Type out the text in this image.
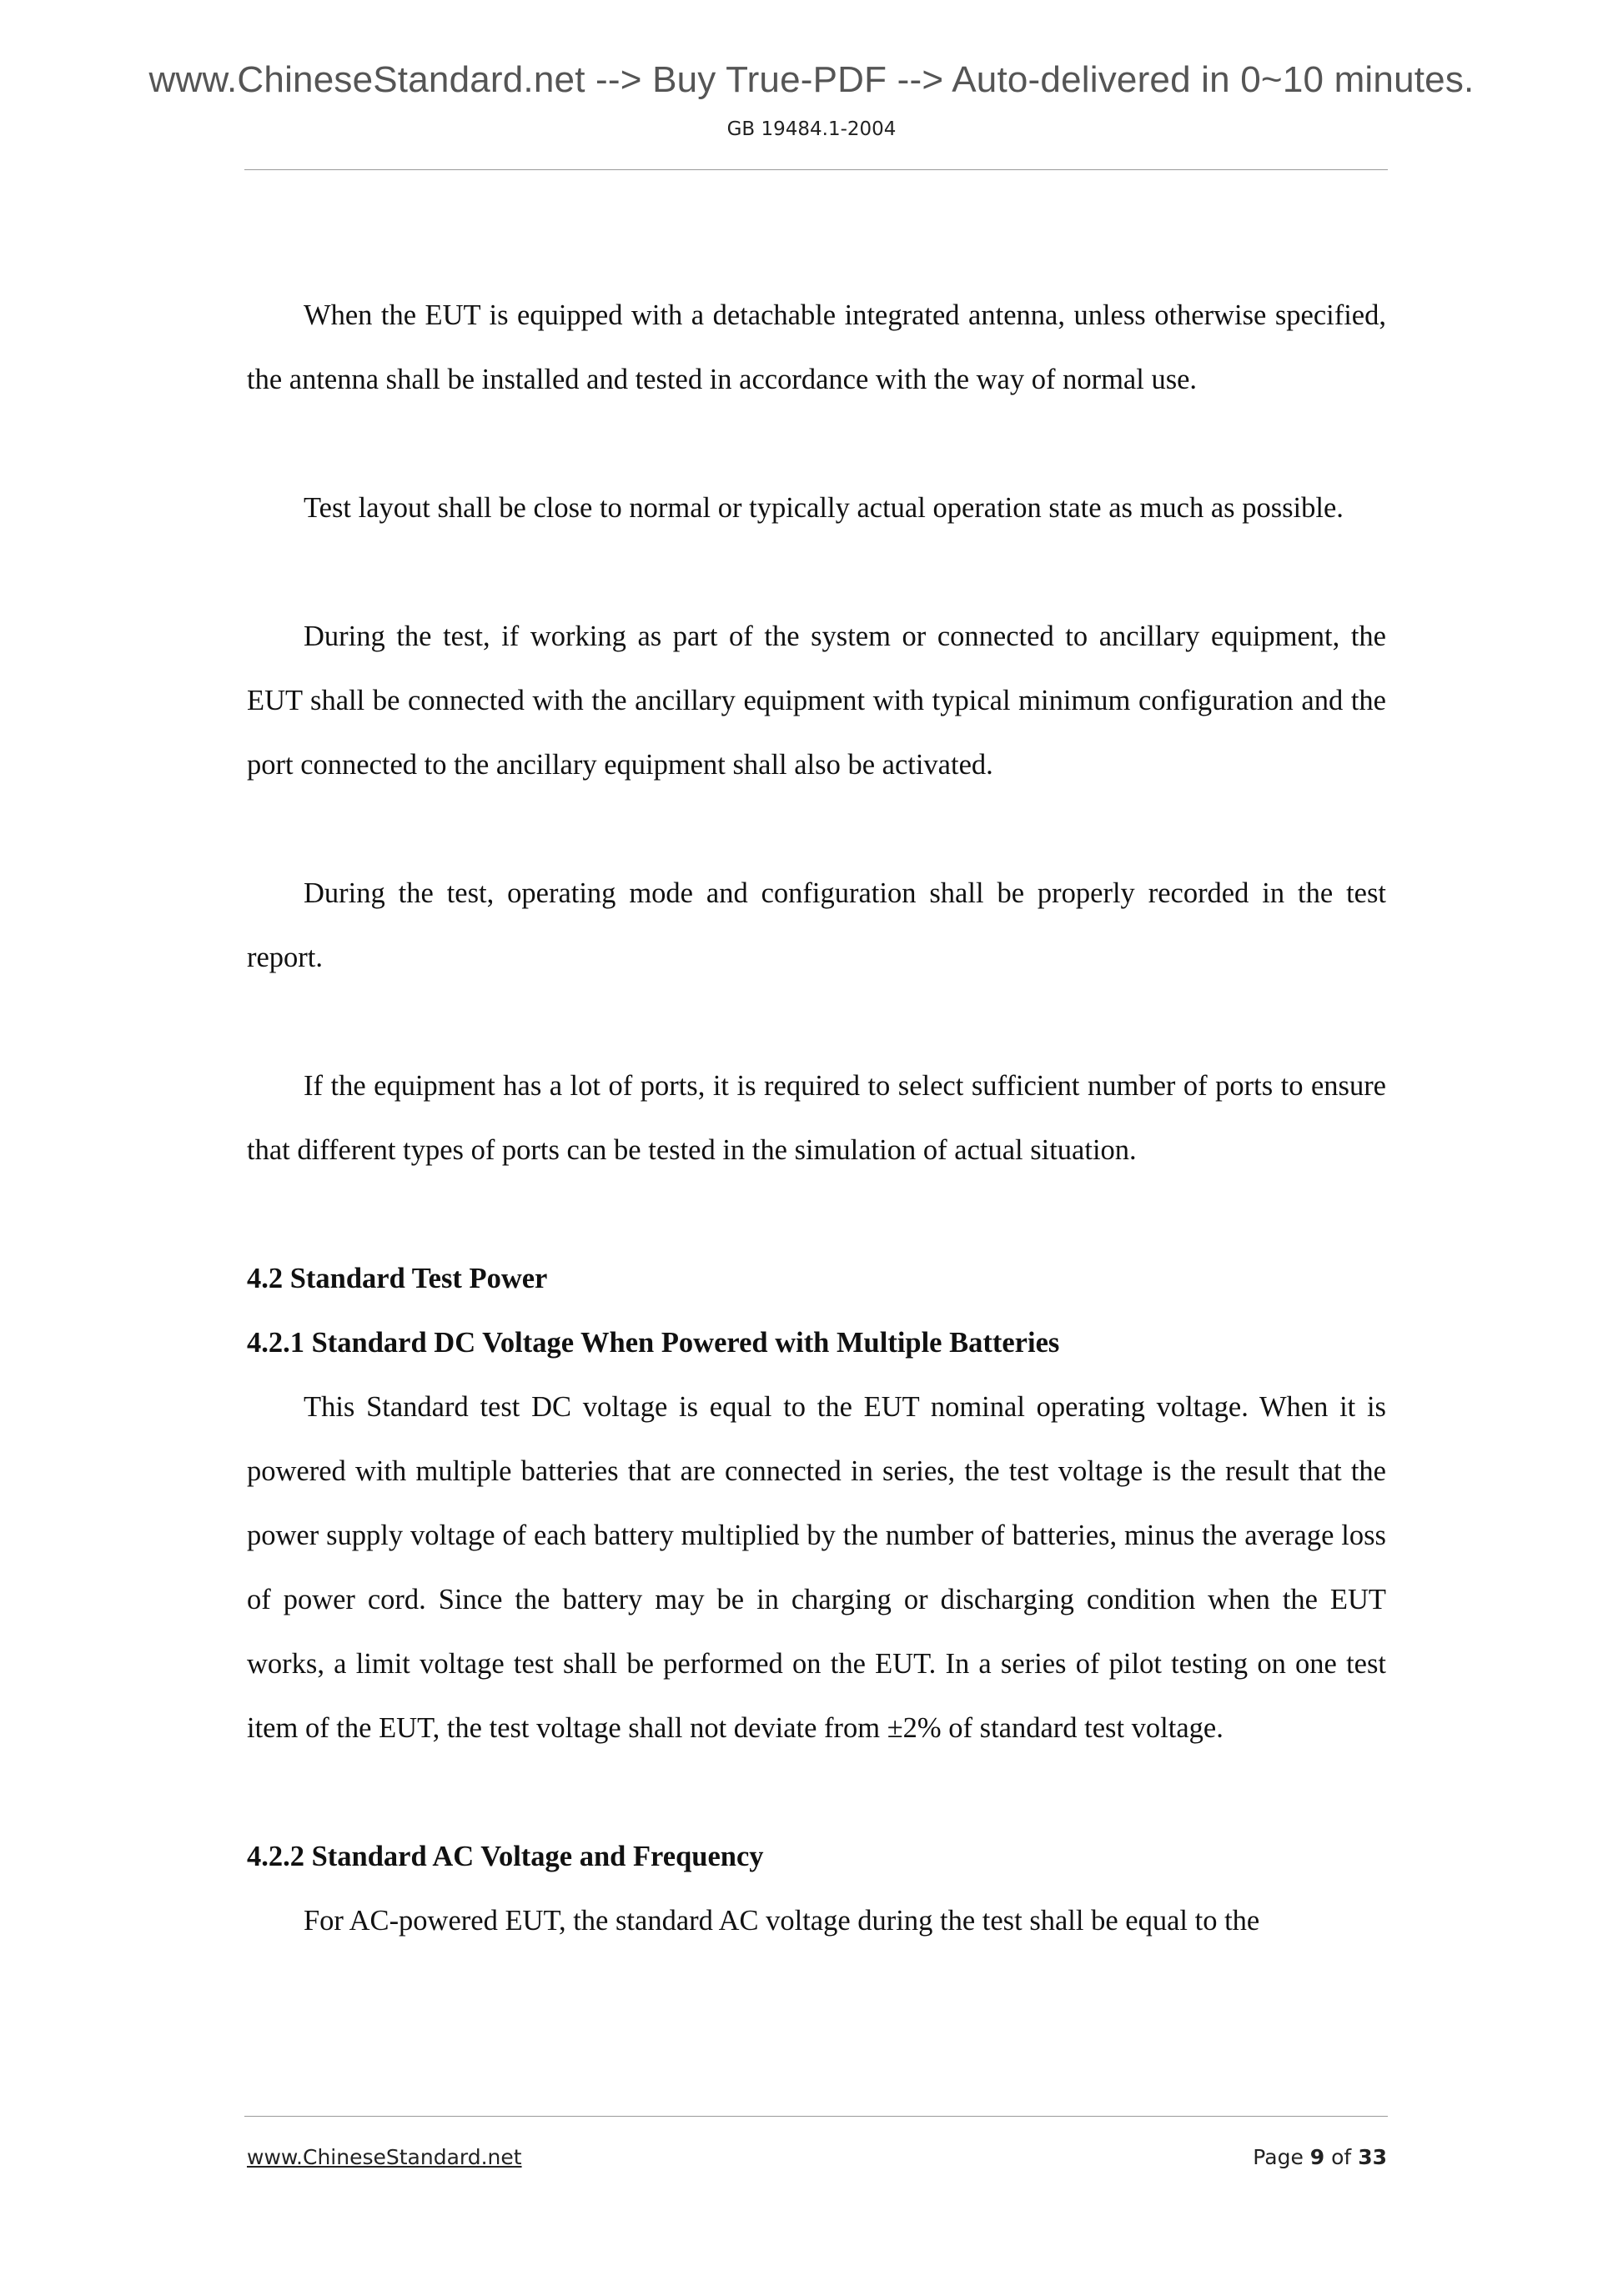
www.ChineseStandard.net --> Buy True-PDF --> Auto-delivered in 0~10 minutes.
GB 19484.1-2004

When the EUT is equipped with a detachable integrated antenna, unless otherwise specified, the antenna shall be installed and tested in accordance with the way of normal use.

Test layout shall be close to normal or typically actual operation state as much as possible.

During the test, if working as part of the system or connected to ancillary equipment, the EUT shall be connected with the ancillary equipment with typical minimum configuration and the port connected to the ancillary equipment shall also be activated.

During the test, operating mode and configuration shall be properly recorded in the test report.

If the equipment has a lot of ports, it is required to select sufficient number of ports to ensure that different types of ports can be tested in the simulation of actual situation.

4.2 Standard Test Power

4.2.1 Standard DC Voltage When Powered with Multiple Batteries

This Standard test DC voltage is equal to the EUT nominal operating voltage. When it is powered with multiple batteries that are connected in series, the test voltage is the result that the power supply voltage of each battery multiplied by the number of batteries, minus the average loss of power cord. Since the battery may be in charging or discharging condition when the EUT works, a limit voltage test shall be performed on the EUT. In a series of pilot testing on one test item of the EUT, the test voltage shall not deviate from ±2% of standard test voltage.

4.2.2 Standard AC Voltage and Frequency

For AC-powered EUT, the standard AC voltage during the test shall be equal to the

www.ChineseStandard.net	Page 9 of 33
